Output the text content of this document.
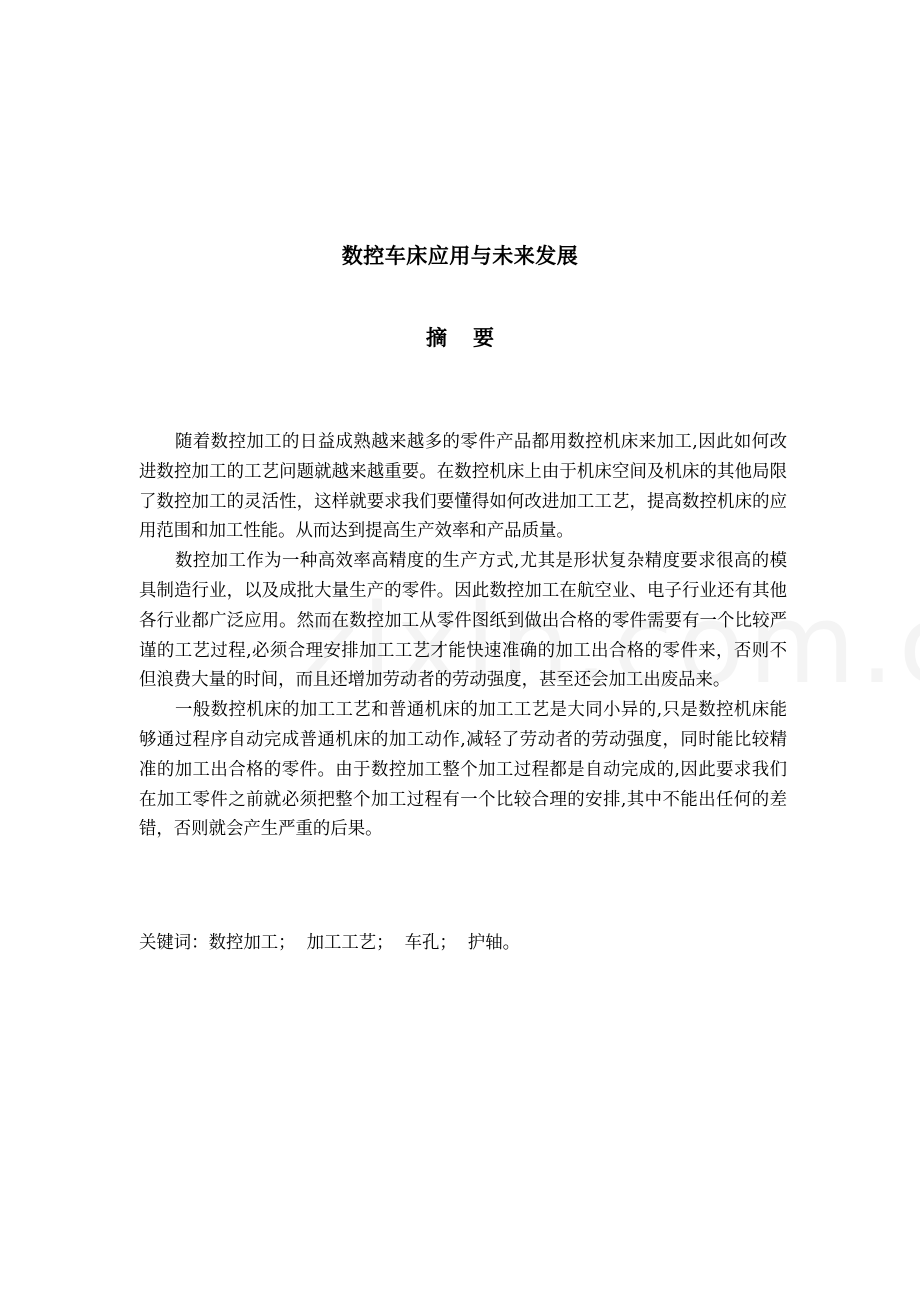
数控车床应用与未来发展
摘要

随着数控加工的日益成熟越来越多的零件产品都用数控机床来加工,因此如何改进数控加工的工艺问题就越来越重要。在数控机床上由于机床空间及机床的其他局限了数控加工的灵活性，这样就要求我们要懂得如何改进加工工艺，提高数控机床的应用范围和加工性能。从而达到提高生产效率和产品质量。

数控加工作为一种高效率高精度的生产方式,尤其是形状复杂精度要求很高的模具制造行业，以及成批大量生产的零件。因此数控加工在航空业、电子行业还有其他各行业都广泛应用。然而在数控加工从零件图纸到做出合格的零件需要有一个比较严谨的工艺过程,必须合理安排加工工艺才能快速准确的加工出合格的零件来，否则不但浪费大量的时间，而且还增加劳动者的劳动强度，甚至还会加工出废品来。

一般数控机床的加工工艺和普通机床的加工工艺是大同小异的,只是数控机床能够通过程序自动完成普通机床的加工动作,减轻了劳动者的劳动强度，同时能比较精准的加工出合格的零件。由于数控加工整个加工过程都是自动完成的,因此要求我们在加工零件之前就必须把整个加工过程有一个比较合理的安排,其中不能出任何的差错，否则就会产生严重的后果。

关键词：数控加工；  加工工艺；  车孔；  护轴。
